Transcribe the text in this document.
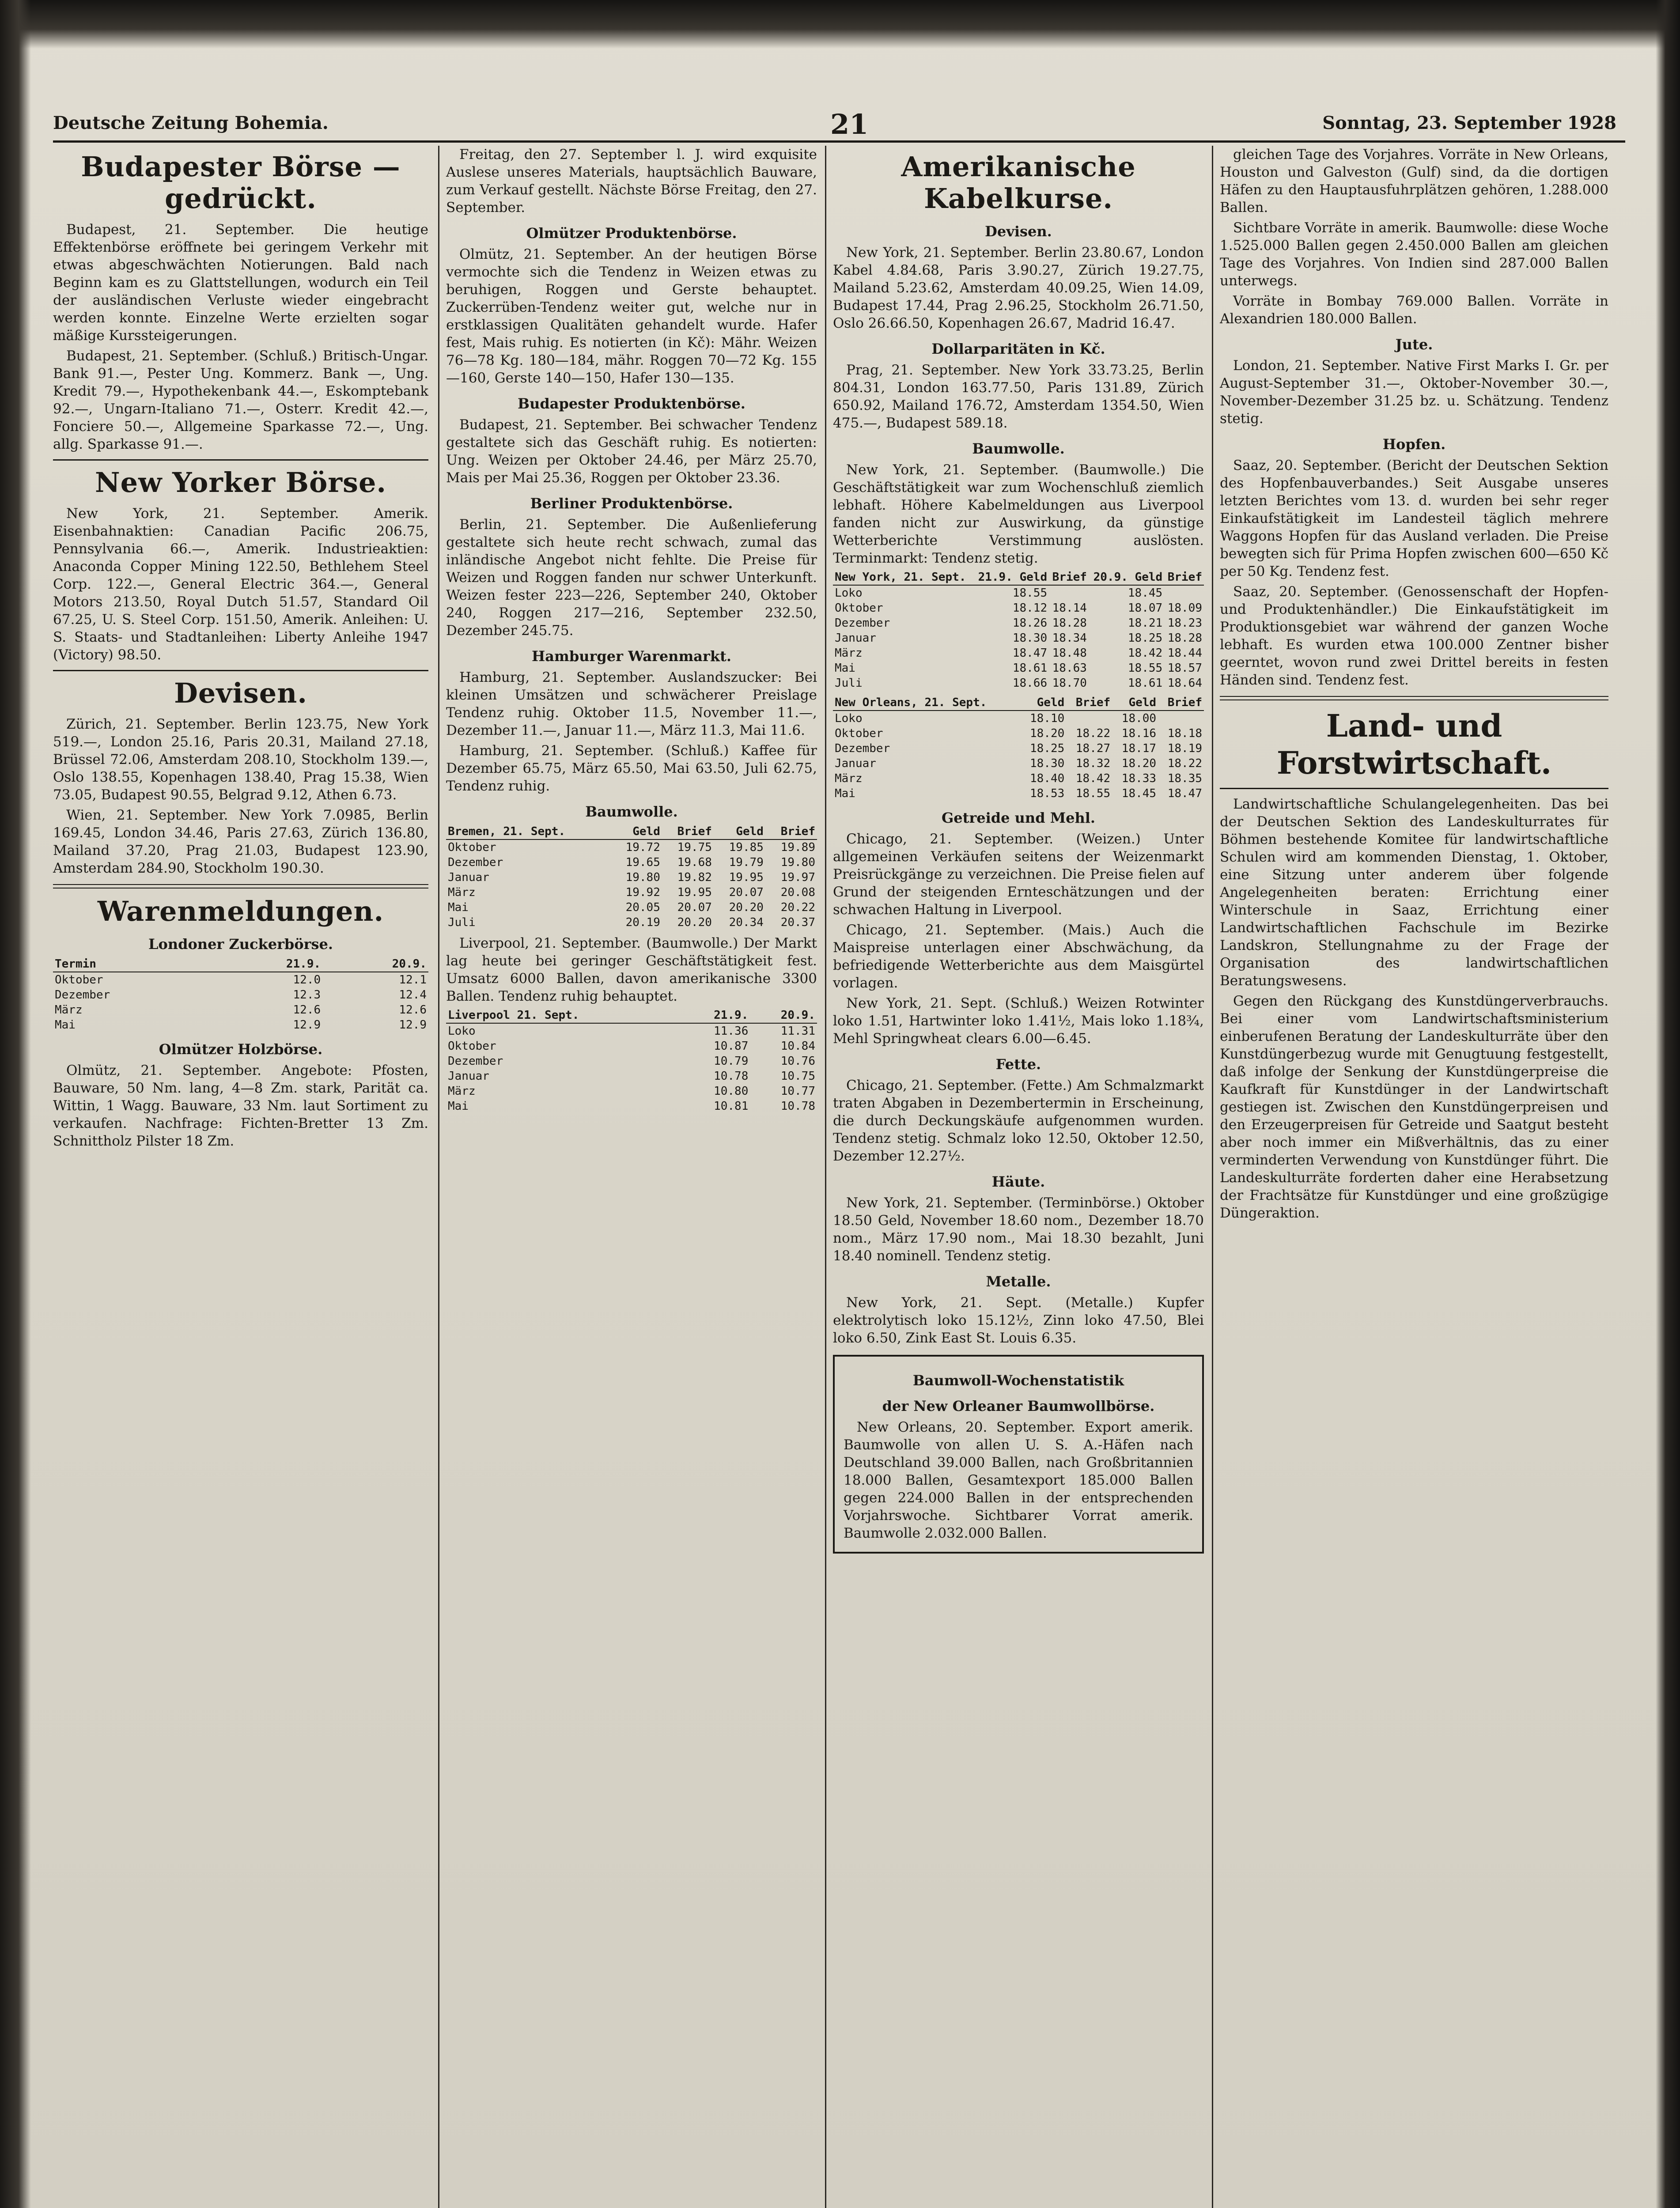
Deutsche Zeitung Bohemia.	21	Sonntag, 23. September 1928
Budapester Börse — gedrückt.

Budapest, 21. September. Die heutige Effektenbörse eröffnete bei geringem Verkehr mit etwas abgeschwächten Notierungen. Bald nach Beginn kam es zu Glattstellungen, wodurch ein Teil der ausländischen Verluste wieder eingebracht werden konnte. Einzelne Werte erzielten sogar mäßige Kurssteigerungen.

Budapest, 21. September. (Schluß.) Britisch-Ungar. Bank 91.—, Pester Ung. Kommerz. Bank —, Ung. Kredit 79.—, Hypothekenbank 44.—, Eskomptebank 92.—, Ungarn-Italiano 71.—, Osterr. Kredit 42.—, Fonciere 50.—, Allgemeine Sparkasse 72.—, Ung. allg. Sparkasse 91.—.

New Yorker Börse.

New York, 21. September. Amerik. Eisenbahnaktien: Canadian Pacific 206.75, Pennsylvania 66.—, Amerik. Industrieaktien: Anaconda Copper Mining 122.50, Bethlehem Steel Corp. 122.—, General Electric 364.—, General Motors 213.50, Royal Dutch 51.57, Standard Oil 67.25, U. S. Steel Corp. 151.50, Amerik. Anleihen: U. S. Staats- und Stadtanleihen: Liberty Anleihe 1947 (Victory) 98.50.

Devisen.

Zürich, 21. September. Berlin 123.75, New York 519.—, London 25.16, Paris 20.31, Mailand 27.18, Brüssel 72.06, Amsterdam 208.10, Stockholm 139.—, Oslo 138.55, Kopenhagen 138.40, Prag 15.38, Wien 73.05, Budapest 90.55, Belgrad 9.12, Athen 6.73.

Wien, 21. September. New York 7.0985, Berlin 169.45, London 34.46, Paris 27.63, Zürich 136.80, Mailand 37.20, Prag 21.03, Budapest 123.90, Amsterdam 284.90, Stockholm 190.30.

Warenmeldungen.
Londoner Zuckerbörse.
Termin	21.9.	20.9.
Oktober	12.0	12.1
Dezember	12.3	12.4
März	12.6	12.6
Mai	12.9	12.9
Olmützer Holzbörse.

Olmütz, 21. September. Angebote: Pfosten, Bauware, 50 Nm. lang, 4—8 Zm. stark, Parität ca. Wittin, 1 Wagg. Bauware, 33 Nm. laut Sortiment zu verkaufen. Nachfrage: Fichten-Bretter 13 Zm. Schnittholz Pilster 18 Zm.

Freitag, den 27. September l. J. wird exquisite Auslese unseres Materials, hauptsächlich Bauware, zum Verkauf gestellt. Nächste Börse Freitag, den 27. September.

Olmützer Produktenbörse.

Olmütz, 21. September. An der heutigen Börse vermochte sich die Tendenz in Weizen etwas zu beruhigen, Roggen und Gerste behauptet. Zuckerrüben-Tendenz weiter gut, welche nur in erstklassigen Qualitäten gehandelt wurde. Hafer fest, Mais ruhig. Es notierten (in Kč): Mähr. Weizen 76—78 Kg. 180—184, mähr. Roggen 70—72 Kg. 155—160, Gerste 140—150, Hafer 130—135.

Budapester Produktenbörse.

Budapest, 21. September. Bei schwacher Tendenz gestaltete sich das Geschäft ruhig. Es notierten: Ung. Weizen per Oktober 24.46, per März 25.70, Mais per Mai 25.36, Roggen per Oktober 23.36.

Berliner Produktenbörse.

Berlin, 21. September. Die Außenlieferung gestaltete sich heute recht schwach, zumal das inländische Angebot nicht fehlte. Die Preise für Weizen und Roggen fanden nur schwer Unterkunft. Weizen fester 223—226, September 240, Oktober 240, Roggen 217—216, September 232.50, Dezember 245.75.

Hamburger Warenmarkt.

Hamburg, 21. September. Auslandszucker: Bei kleinen Umsätzen und schwächerer Preislage Tendenz ruhig. Oktober 11.5, November 11.—, Dezember 11.—, Januar 11.—, März 11.3, Mai 11.6.

Hamburg, 21. September. (Schluß.) Kaffee für Dezember 65.75, März 65.50, Mai 63.50, Juli 62.75, Tendenz ruhig.

Baumwolle.
Bremen, 21. Sept.	Geld	Brief	Geld	Brief
Oktober	19.72	19.75	19.85	19.89
Dezember	19.65	19.68	19.79	19.80
Januar	19.80	19.82	19.95	19.97
März	19.92	19.95	20.07	20.08
Mai	20.05	20.07	20.20	20.22
Juli	20.19	20.20	20.34	20.37

Liverpool, 21. September. (Baumwolle.) Der Markt lag heute bei geringer Geschäftstätigkeit fest. Umsatz 6000 Ballen, davon amerikanische 3300 Ballen. Tendenz ruhig behauptet.

Liverpool 21. Sept.	21.9.	20.9.
Loko	11.36	11.31
Oktober	10.87	10.84
Dezember	10.79	10.76
Januar	10.78	10.75
März	10.80	10.77
Mai	10.81	10.78
Amerikanische Kabelkurse.
Devisen.

New York, 21. September. Berlin 23.80.67, London Kabel 4.84.68, Paris 3.90.27, Zürich 19.27.75, Mailand 5.23.62, Amsterdam 40.09.25, Wien 14.09, Budapest 17.44, Prag 2.96.25, Stockholm 26.71.50, Oslo 26.66.50, Kopenhagen 26.67, Madrid 16.47.

Dollarparitäten in Kč.

Prag, 21. September. New York 33.73.25, Berlin 804.31, London 163.77.50, Paris 131.89, Zürich 650.92, Mailand 176.72, Amsterdam 1354.50, Wien 475.—, Budapest 589.18.

Baumwolle.

New York, 21. September. (Baumwolle.) Die Geschäftstätigkeit war zum Wochenschluß ziemlich lebhaft. Höhere Kabelmeldungen aus Liverpool fanden nicht zur Auswirkung, da günstige Wetterberichte Verstimmung auslösten. Terminmarkt: Tendenz stetig.

New York, 21. Sept.	21.9. Geld	Brief	20.9. Geld	Brief
Loko	18.55		18.45	
Oktober	18.12	18.14	18.07	18.09
Dezember	18.26	18.28	18.21	18.23
Januar	18.30	18.34	18.25	18.28
März	18.47	18.48	18.42	18.44
Mai	18.61	18.63	18.55	18.57
Juli	18.66	18.70	18.61	18.64
New Orleans, 21. Sept.	Geld	Brief	Geld	Brief
Loko	18.10		18.00	
Oktober	18.20	18.22	18.16	18.18
Dezember	18.25	18.27	18.17	18.19
Januar	18.30	18.32	18.20	18.22
März	18.40	18.42	18.33	18.35
Mai	18.53	18.55	18.45	18.47
Getreide und Mehl.

Chicago, 21. September. (Weizen.) Unter allgemeinen Verkäufen seitens der Weizenmarkt Preisrückgänge zu verzeichnen. Die Preise fielen auf Grund der steigenden Ernteschätzungen und der schwachen Haltung in Liverpool.

Chicago, 21. September. (Mais.) Auch die Maispreise unterlagen einer Abschwächung, da befriedigende Wetterberichte aus dem Maisgürtel vorlagen.

New York, 21. Sept. (Schluß.) Weizen Rotwinter loko 1.51, Hartwinter loko 1.41½, Mais loko 1.18¾, Mehl Springwheat clears 6.00—6.45.

Fette.

Chicago, 21. September. (Fette.) Am Schmalzmarkt traten Abgaben in Dezembertermin in Erscheinung, die durch Deckungskäufe aufgenommen wurden. Tendenz stetig. Schmalz loko 12.50, Oktober 12.50, Dezember 12.27½.

Häute.

New York, 21. September. (Terminbörse.) Oktober 18.50 Geld, November 18.60 nom., Dezember 18.70 nom., März 17.90 nom., Mai 18.30 bezahlt, Juni 18.40 nominell. Tendenz stetig.

Metalle.

New York, 21. Sept. (Metalle.) Kupfer elektrolytisch loko 15.12½, Zinn loko 47.50, Blei loko 6.50, Zink East St. Louis 6.35.

Baumwoll-Wochenstatistik
der New Orleaner Baumwollbörse.

New Orleans, 20. September. Export amerik. Baumwolle von allen U. S. A.-Häfen nach Deutschland 39.000 Ballen, nach Großbritannien 18.000 Ballen, Gesamtexport 185.000 Ballen gegen 224.000 Ballen in der entsprechenden Vorjahrswoche. Sichtbarer Vorrat amerik. Baumwolle 2.032.000 Ballen.

gleichen Tage des Vorjahres. Vorräte in New Orleans, Houston und Galveston (Gulf) sind, da die dortigen Häfen zu den Hauptausfuhrplätzen gehören, 1.288.000 Ballen.

Sichtbare Vorräte in amerik. Baumwolle: diese Woche 1.525.000 Ballen gegen 2.450.000 Ballen am gleichen Tage des Vorjahres. Von Indien sind 287.000 Ballen unterwegs.

Vorräte in Bombay 769.000 Ballen. Vorräte in Alexandrien 180.000 Ballen.

Jute.

London, 21. September. Native First Marks I. Gr. per August-September 31.—, Oktober-November 30.—, November-Dezember 31.25 bz. u. Schätzung. Tendenz stetig.

Hopfen.

Saaz, 20. September. (Bericht der Deutschen Sektion des Hopfenbauverbandes.) Seit Ausgabe unseres letzten Berichtes vom 13. d. wurden bei sehr reger Einkaufstätigkeit im Landesteil täglich mehrere Waggons Hopfen für das Ausland verladen. Die Preise bewegten sich für Prima Hopfen zwischen 600—650 Kč per 50 Kg. Tendenz fest.

Saaz, 20. September. (Genossenschaft der Hopfen- und Produktenhändler.) Die Einkaufstätigkeit im Produktionsgebiet war während der ganzen Woche lebhaft. Es wurden etwa 100.000 Zentner bisher geerntet, wovon rund zwei Drittel bereits in festen Händen sind. Tendenz fest.

Land- und Forstwirtschaft.

Landwirtschaftliche Schulangelegenheiten. Das bei der Deutschen Sektion des Landeskulturrates für Böhmen bestehende Komitee für landwirtschaftliche Schulen wird am kommenden Dienstag, 1. Oktober, eine Sitzung unter anderem über folgende Angelegenheiten beraten: Errichtung einer Winterschule in Saaz, Errichtung einer Landwirtschaftlichen Fachschule im Bezirke Landskron, Stellungnahme zu der Frage der Organisation des landwirtschaftlichen Beratungswesens.

Gegen den Rückgang des Kunstdüngerverbrauchs. Bei einer vom Landwirtschaftsministerium einberufenen Beratung der Landeskulturräte über den Kunstdüngerbezug wurde mit Genugtuung festgestellt, daß infolge der Senkung der Kunstdüngerpreise die Kaufkraft für Kunstdünger in der Landwirtschaft gestiegen ist. Zwischen den Kunstdüngerpreisen und den Erzeugerpreisen für Getreide und Saatgut besteht aber noch immer ein Mißverhältnis, das zu einer verminderten Verwendung von Kunstdünger führt. Die Landeskulturräte forderten daher eine Herabsetzung der Frachtsätze für Kunstdünger und eine großzügige Düngeraktion.
